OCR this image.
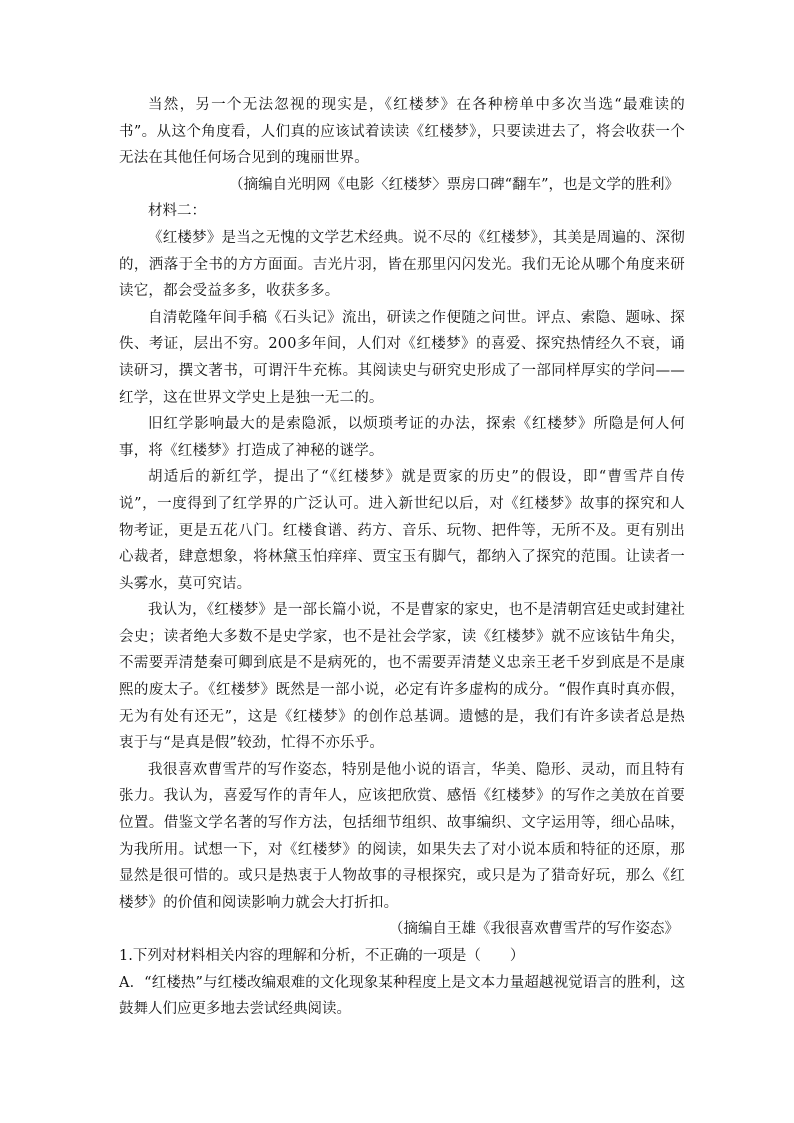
当然，另一个无法忽视的现实是，《红楼梦》在各种榜单中多次当选“最难读的书”。从这个角度看，人们真的应该试着读读《红楼梦》，只要读进去了，将会收获一个无法在其他任何场合见到的瑰丽世界。

（摘编自光明网《电影〈红楼梦〉票房口碑“翻车”，也是文学的胜利》

材料二：

《红楼梦》是当之无愧的文学艺术经典。说不尽的《红楼梦》，其美是周遍的、深彻的，洒落于全书的方方面面。吉光片羽，皆在那里闪闪发光。我们无论从哪个角度来研读它，都会受益多多，收获多多。

自清乾隆年间手稿《石头记》流出，研读之作便随之问世。评点、索隐、题咏、探佚、考证，层出不穷。200多年间，人们对《红楼梦》的喜爱、探究热情经久不衰，诵读研习，撰文著书，可谓汗牛充栋。其阅读史与研究史形成了一部同样厚实的学问——红学，这在世界文学史上是独一无二的。

旧红学影响最大的是索隐派，以烦琐考证的办法，探索《红楼梦》所隐是何人何事，将《红楼梦》打造成了神秘的谜学。

胡适后的新红学，提出了“《红楼梦》就是贾家的历史”的假设，即“曹雪芹自传说”，一度得到了红学界的广泛认可。进入新世纪以后，对《红楼梦》故事的探究和人物考证，更是五花八门。红楼食谱、药方、音乐、玩物、把件等，无所不及。更有别出心裁者，肆意想象，将林黛玉怕痒痒、贾宝玉有脚气，都纳入了探究的范围。让读者一头雾水，莫可究诘。

我认为，《红楼梦》是一部长篇小说，不是曹家的家史，也不是清朝宫廷史或封建社会史；读者绝大多数不是史学家，也不是社会学家，读《红楼梦》就不应该钻牛角尖，不需要弄清楚秦可卿到底是不是病死的，也不需要弄清楚义忠亲王老千岁到底是不是康熙的废太子。《红楼梦》既然是一部小说，必定有许多虚构的成分。“假作真时真亦假，无为有处有还无”，这是《红楼梦》的创作总基调。遗憾的是，我们有许多读者总是热衷于与“是真是假”较劲，忙得不亦乐乎。

我很喜欢曹雪芹的写作姿态，特别是他小说的语言，华美、隐形、灵动，而且特有张力。我认为，喜爱写作的青年人，应该把欣赏、感悟《红楼梦》的写作之美放在首要位置。借鉴文学名著的写作方法，包括细节组织、故事编织、文字运用等，细心品味，为我所用。试想一下，对《红楼梦》的阅读，如果失去了对小说本质和特征的还原，那显然是很可惜的。或只是热衷于人物故事的寻根探究，或只是为了猎奇好玩，那么《红楼梦》的价值和阅读影响力就会大打折扣。

（摘编自王雄《我很喜欢曹雪芹的写作姿态》

1.下列对材料相关内容的理解和分析，不正确的一项是（　　）

A．“红楼热”与红楼改编艰难的文化现象某种程度上是文本力量超越视觉语言的胜利，这鼓舞人们应更多地去尝试经典阅读。
